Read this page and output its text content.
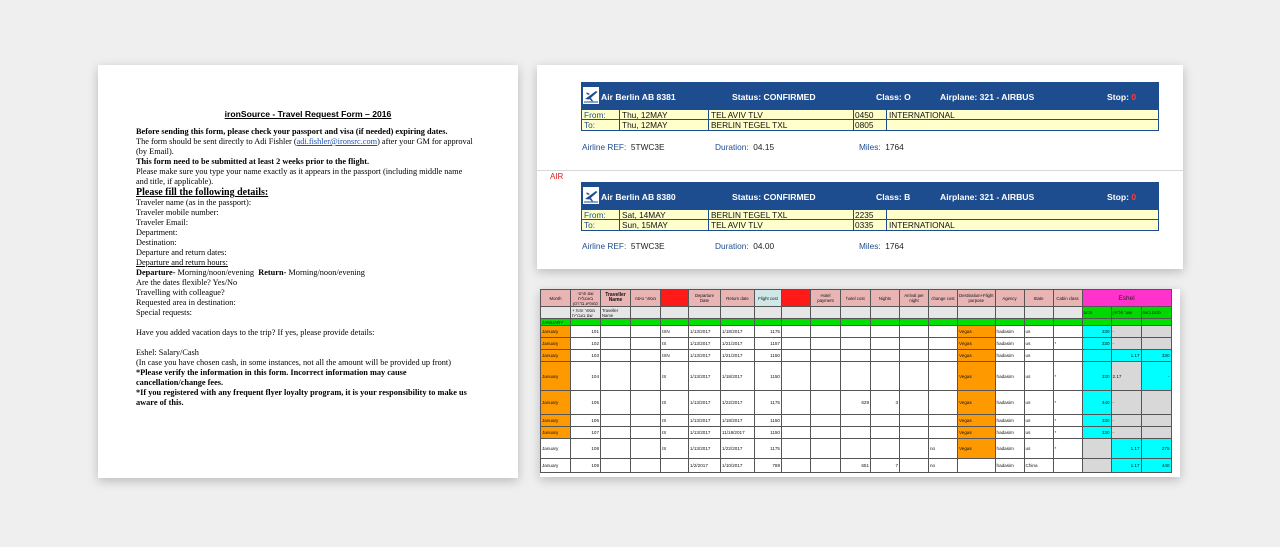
ironSource - Travel Request Form – 2016

Before sending this form, please check your passport and visa (if needed) expiring dates.

The form should be sent directly to Adi Fishler (adi.fishler@ironsrc.com) after your GM for approval (by Email).

This form need to be submitted at least 2 weeks prior to the flight.

Please make sure you type your name exactly as it appears in the passport (including middle name and title, if applicable).

Please fill the following details:

Traveler name (as in the passport):

Traveler mobile number:

Traveler Email:

Department:

Destination:

Departure and return dates:

Departure and return hours:

Departure- Morning/noon/evening Return- Morning/noon/evening

Are the dates flexible? Yes/No

Travelling with colleague?

Requested area in destination:

Special requests:

Have you added vacation days to the trip? If yes, please provide details:

Eshel: Salary/Cash

(In case you have chosen cash, in some instances, not all the amount will be provided up front)

*Please verify the information in this form. Incorrect information may cause cancellation/change fees.

*If you registered with any frequent flyer loyalty program, it is your responsibility to make us aware of this.

Air Berlin AB 8381	Status: CONFIRMED	Class: O	Airplane: 321 - AIRBUS	Stop: 0
From: Thu, 12MAY	TEL AVIV TLV	0450 INTERNATIONAL
To:	Thu, 12MAY	BERLIN TEGEL TXL	0805
Airline REF: 5TWC3E	Duration: 04.15	Miles: 1764
AIR
Air Berlin AB 8380	Status: CONFIRMED	Class: B	Airplane: 321 - AIRBUS	Stop: 0
From: Sat, 14MAY	BERLIN TEGEL TXL	2235
To:	Sun, 15MAY	TEL AVIV TLV	0335 INTERNATIONAL
Airline REF: 5TWC3E	Duration: 04.00	Miles: 1764
Month	שם פרטי באנגלית כמופיע בדרכון	Traveller Name	מספר טיסה		Departure Date	Return date	Flight cost		Hotel payment	hotel cost	Nights	Arrival per night	change cost	Destination+Flight purpose	Agency	State	Cabin class	Eshel		
	מספר זהות + שם בעברית	Traveller Name																סכום	שער חליפין	סכום בשח
JANUARY																				
January	101			ISN	1/13/2017	1/18/2017	1175							Vegas	hadasim	us		330	-	
January	102			IS	1/13/2017	1/21/2017	1157							Vegas	hadasim	us	*	330	-	
January	103			ISN	1/13/2017	1/21/2017	1150							Vegas	hadasim	us			1.17	330
January	104			IS	1/13/2017	1/18/2017	1150							Vegas	hadasim	us	*	330	2.17	-
January	105			IS	1/13/2017	1/22/2017	1175			629	3			Vegas	hadasim	us	*	440	-	
January	106			IS	1/13/2017	1/18/2017	1150							Vegas	hadasim	us	*	330	-	
January	107			IS	1/13/2017	11/18/2017	1150							Vegas	hadasim	us	*	330	-	
January	108			IS	1/13/2017	1/22/2017	1175						no	Vegas	hadasim	us	*		1.17	275
January	109				1/2/2017	1/10/2017	789			651	7		no		hadasim	China			1.17	440
